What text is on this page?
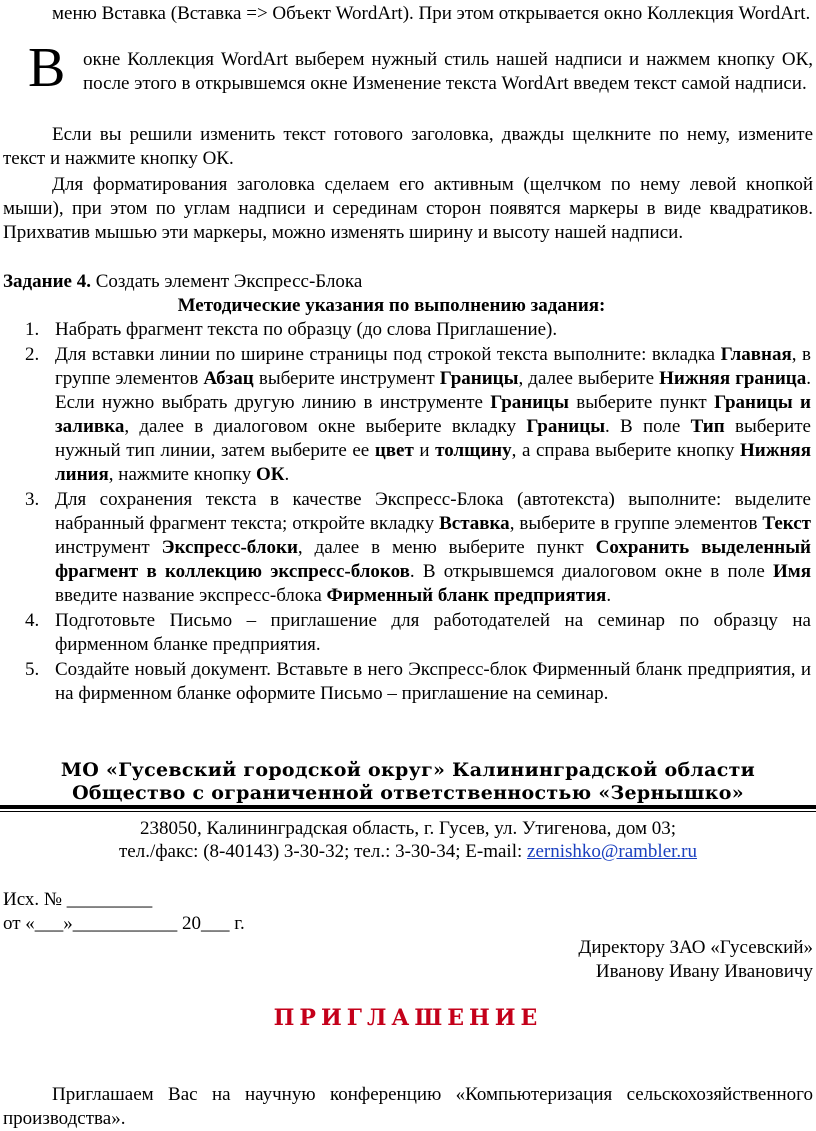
меню Вставка (Вставка => Объект WordArt). При этом открывается окно Коллекция WordArt.

В окне Коллекция WordArt выберем нужный стиль нашей надписи и нажмем кнопку ОК, после этого в открывшемся окне Изменение текста WordArt введем текст самой надписи.

Если вы решили изменить текст готового заголовка, дважды щелкните по нему, измените текст и нажмите кнопку ОК.

Для форматирования заголовка сделаем его активным (щелчком по нему левой кнопкой мыши), при этом по углам надписи и серединам сторон появятся маркеры в виде квадратиков. Прихватив мышью эти маркеры, можно изменять ширину и высоту нашей надписи.

Задание 4. Создать элемент Экспресс-Блока

Методические указания по выполнению задания:

1. Набрать фрагмент текста по образцу (до слова Приглашение).
2. Для вставки линии по ширине страницы под строкой текста выполните: вкладка Главная, в группе элементов Абзац выберите инструмент Границы, далее выберите Нижняя граница. Если нужно выбрать другую линию в инструменте Границы выберите пункт Границы и заливка, далее в диалоговом окне выберите вкладку Границы. В поле Тип выберите нужный тип линии, затем выберите ее цвет и толщину, а справа выберите кнопку Нижняя линия, нажмите кнопку ОК.
3. Для сохранения текста в качестве Экспресс-Блока (автотекста) выполните: выделите набранный фрагмент текста; откройте вкладку Вставка, выберите в группе элементов Текст инструмент Экспресс-блоки, далее в меню выберите пункт Сохранить выделенный фрагмент в коллекцию экспресс-блоков. В открывшемся диалоговом окне в поле Имя введите название экспресс-блока Фирменный бланк предприятия.
4. Подготовьте Письмо – приглашение для работодателей на семинар по образцу на фирменном бланке предприятия.
5. Создайте новый документ. Вставьте в него Экспресс-блок Фирменный бланк предприятия, и на фирменном бланке оформите Письмо – приглашение на семинар.
МО «Гусевский городской округ» Калининградской области
Общество с ограниченной ответственностью «Зернышко»

238050, Калининградская область, г. Гусев, ул. Утигенова, дом 03;

тел./факс: (8-40143) 3-30-32; тел.: 3-30-34; E-mail: zernishko@rambler.ru

Исх. № _________
от «___»___________ 20___ г.
Директору ЗАО «Гусевский»
Иванову Ивану Ивановичу
ПРИГЛАШЕНИЕ

Приглашаем Вас на научную конференцию «Компьютеризация сельскохозяйственного производства».
